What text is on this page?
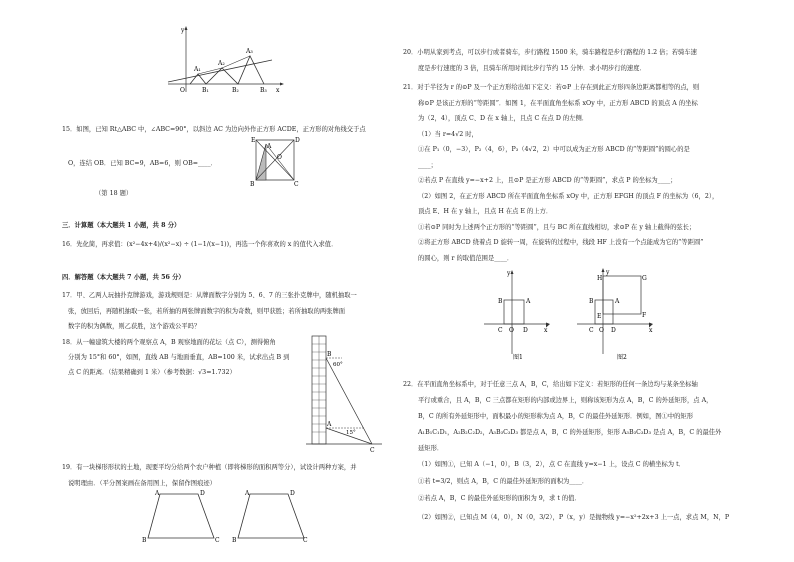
y
A₁
A₂
A₃
O	B₁	B₂	B₃ x
15．如图，已知 Rt△ABC 中，∠ABC=90°，以斜边 AC 为边向外作正方形 ACDE，正方形的对角线交于点
O，连结 OB．已知 BC=9，AB=6，则 OB=____．
E	D
A
O
B	C
（第 18 题）
三．计算题（本大题共 1 小题，共 8 分）
16．先化简，再求值：(x²−4x+4)/(x²−x) ÷ (1−1/(x−1))，再选一个你喜欢的 x 的值代入求值．
四．解答题（本大题共 7 小题，共 56 分）
17．甲、乙两人玩抽扑克牌游戏，游戏规则是：从牌面数字分别为 5、6、7 的三张扑克牌中，随机抽取一
张，放回后，再随机抽取一张，若所抽的两张牌面数字的积为奇数，则甲获胜；若所抽取的两张牌面
数字的积为偶数，则乙获胜，这个游戏公平吗？
18．从一幢建筑大楼的两个观察点 A，B 观察地面的花坛（点 C），测得俯角
分别为 15°和 60°，如图，直线 AB 与地面垂直，AB=100 米，试求出点 B 到
点 C 的距离．（结果精确到 1 米）（参考数据：√3=1.732）
B
60°
A
15°
C
19．有一块梯形形状的土地，现要平均分给两个农户种植（即将梯形的面积两等分），试设计两种方案，并
说明理由．（平分图案画在备用图上，保留作图痕迹）
A	D
B	C
A	D
B	C
20．小明从家到考点，可以步行或者骑车，步行路程 1500 米，骑车路程是步行路程的 1.2 倍；若骑车速
度是步行速度的 3 倍，且骑车所用时间比步行节约 15 分钟．求小明步行的速度．
21．对于半径为 r 的⊙P 及一个正方形给出如下定义：若⊙P 上存在到此正方形四条边距离都相等的点，则
称⊙P 是该正方形的“等距圆”．如图 1，在平面直角坐标系 xOy 中，正方形 ABCD 的顶点 A 的坐标
为（2，4），顶点 C、D 在 x 轴上，且点 C 在点 D 的左侧．
（1）当 r=4√2 时，
①在 P₁（0，−3），P₂（4，6），P₃（4√2，2）中可以成为正方形 ABCD 的“等距圆”的圆心的是
____；
②若点 P 在直线 y=−x+2 上，且⊙P 是正方形 ABCD 的“等距圆”，求点 P 的坐标为____；
（2）如图 2，在正方形 ABCD 所在平面直角坐标系 xOy 中，正方形 EFGH 的顶点 F 的坐标为（6，2），
顶点 E、H 在 y 轴上，且点 H 在点 E 的上方．
①若⊙P 同时为上述两个正方形的“等距圆”，且与 BC 所在直线相切，求⊙P 在 y 轴上截得的弦长；
②将正方形 ABCD 绕着点 D 旋转一周，在旋转的过程中，线段 HF 上没有一个点能成为它的“等距圆”
的圆心，则 r 的取值范围是____．
y
B	A
C O D	x
图1
y
H	G
B	A
E
C O D
F
x
图2
22．在平面直角坐标系中，对于任意三点 A，B，C，给出如下定义：若矩形的任何一条边均与某条坐标轴
平行或重合，且 A，B，C 三点都在矩形的内部或边界上，则称该矩形为点 A，B，C 的外延矩形，点 A，
B，C 的所有外延矩形中，面积最小的矩形称为点 A，B，C 的最佳外延矩形．例如，图①中的矩形
A₁B₁C₁D₁，A₂B₂C₂D₂，A₃B₃C₃D₃ 都是点 A，B，C 的外延矩形，矩形 A₃B₃C₃D₃ 是点 A，B，C 的最佳外
延矩形．
（1）如图①，已知 A（−1，0），B（3，2），点 C 在直线 y=x−1 上，设点 C 的横坐标为 t．
①若 t=3/2，则点 A，B，C 的最佳外延矩形的面积为____．
②若点 A，B，C 的最佳外延矩形的面积为 9，求 t 的值．
（2）如图②，已知点 M（4，0），N（0，3/2），P（x，y）是抛物线 y=−x²+2x+3 上一点，求点 M，N，P
